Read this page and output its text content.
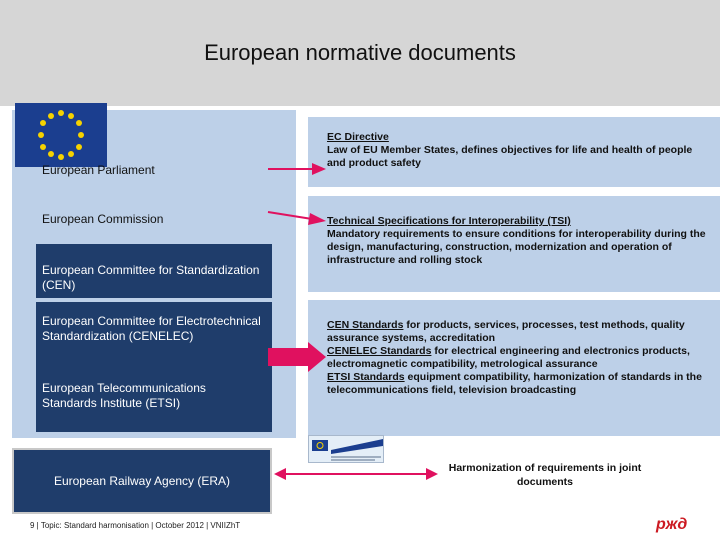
European normative documents
European Parliament
European Commission
European Committee for Standardization (CEN)
European Committee for Electrotechnical Standardization (CENELEC)
European Telecommunications Standards Institute (ETSI)
European Railway Agency (ERA)
EC Directive
Law of EU Member States, defines objectives for life and health of people and product safety
Technical Specifications for Interoperability (TSI)
Mandatory requirements to ensure conditions for interoperability during the design, manufacturing, construction, modernization and operation of infrastructure and rolling stock
CEN Standards for products, services, processes, test methods, quality assurance systems, accreditation
CENELEC Standards for electrical engineering and electronics products, electromagnetic compatibility, metrological assurance
ETSI Standards equipment compatibility, harmonization of standards in the telecommunications field, television broadcasting
Harmonization of requirements in joint documents
9 | Topic: Standard harmonisation | October 2012 | VNIIZhT	ржд
